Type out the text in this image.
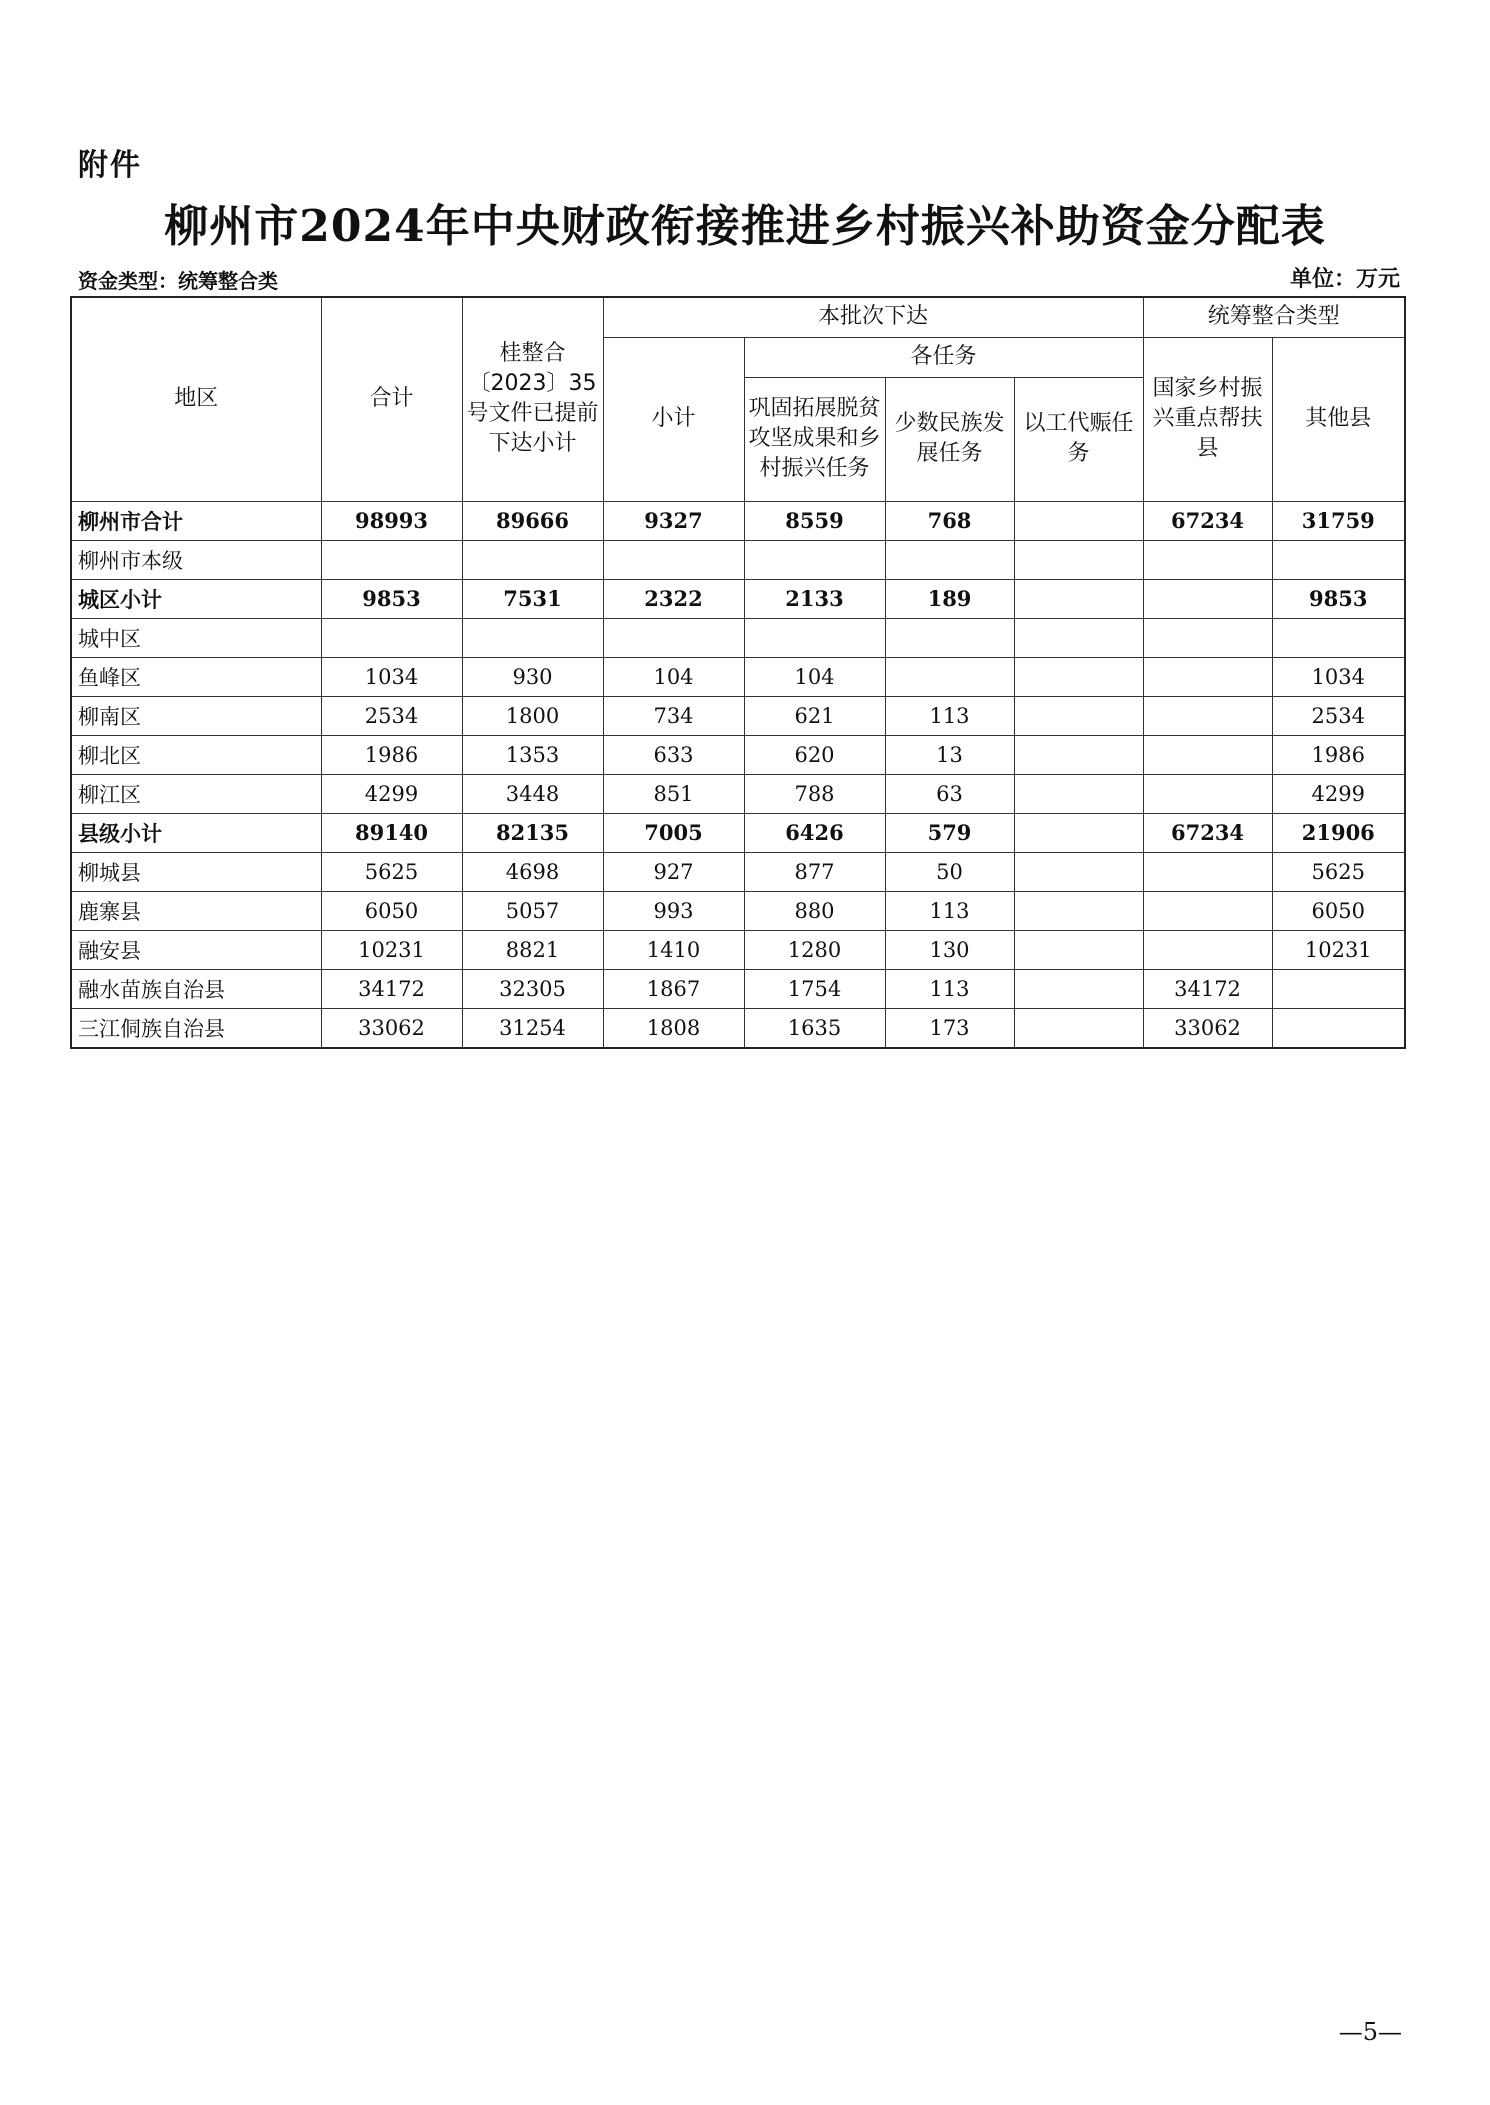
附件
柳州市2024年中央财政衔接推进乡村振兴补助资金分配表
资金类型：统筹整合类	单位：万元
地区	合计	桂整合〔2023〕35号文件已提前下达小计	本批次下达				统筹整合类型	
			小计	各任务			国家乡村振兴重点帮扶县	其他县
				巩固拓展脱贫攻坚成果和乡村振兴任务	少数民族发展任务	以工代赈任务		
柳州市合计	98993	89666	9327	8559	768		67234	31759
柳州市本级								
城区小计	9853	7531	2322	2133	189			9853
城中区								
鱼峰区	1034	930	104	104				1034
柳南区	2534	1800	734	621	113			2534
柳北区	1986	1353	633	620	13			1986
柳江区	4299	3448	851	788	63			4299
县级小计	89140	82135	7005	6426	579		67234	21906
柳城县	5625	4698	927	877	50			5625
鹿寨县	6050	5057	993	880	113			6050
融安县	10231	8821	1410	1280	130			10231
融水苗族自治县	34172	32305	1867	1754	113		34172	
三江侗族自治县	33062	31254	1808	1635	173		33062	
—5—
